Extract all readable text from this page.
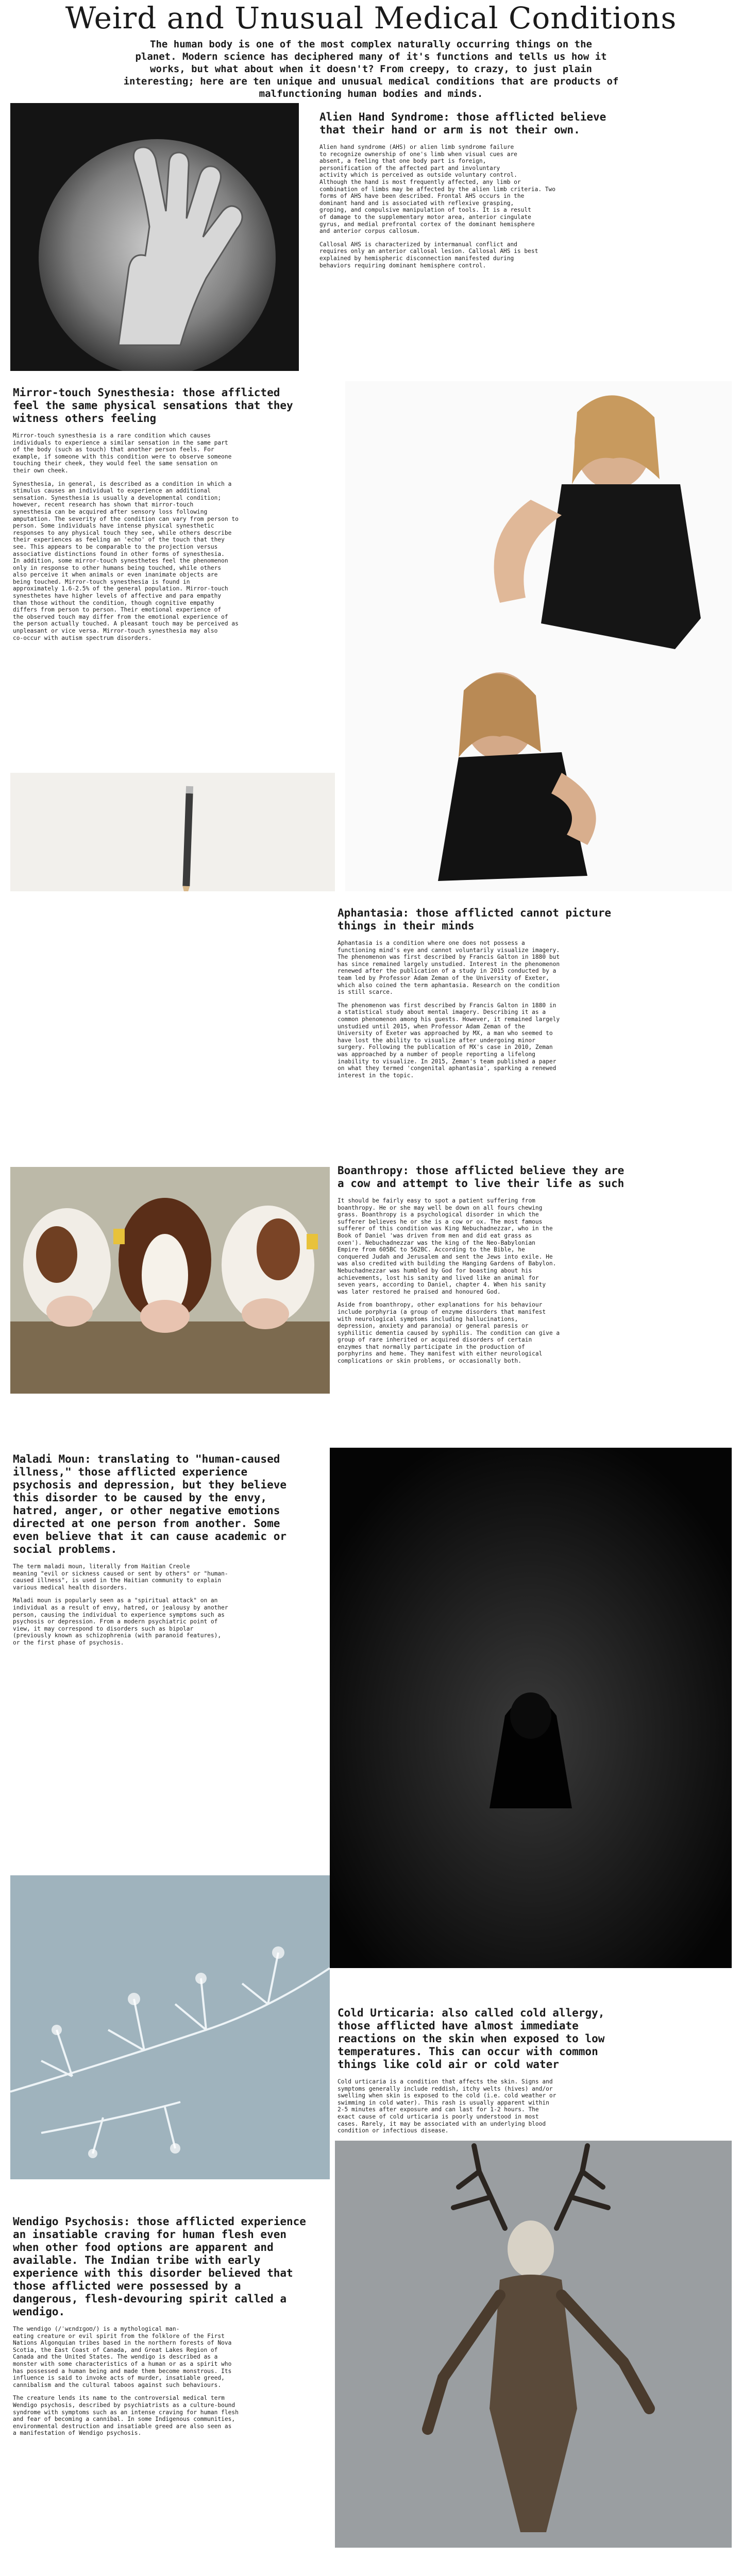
Weird and Unusual Medical Conditions

The human body is one of the most complex naturally occurring things on the
planet. Modern science has deciphered many of it's functions and tells us how it
works, but what about when it doesn't? From creepy, to crazy, to just plain
interesting; here are ten unique and unusual medical conditions that are products of
malfunctioning human bodies and minds.

Alien Hand Syndrome: those afflicted believe
that their hand or arm is not their own.

Alien hand syndrome (AHS) or alien limb syndrome failure
to recognize ownership of one's limb when visual cues are
absent, a feeling that one body part is foreign,
personification of the affected part and involuntary
activity which is perceived as outside voluntary control.
Although the hand is most frequently affected, any limb or
combination of limbs may be affected by the alien limb criteria. Two
forms of AHS have been described. Frontal AHS occurs in the
dominant hand and is associated with reflexive grasping,
groping, and compulsive manipulation of tools. It is a result
of damage to the supplementary motor area, anterior cingulate
gyrus, and medial prefrontal cortex of the dominant hemisphere
and anterior corpus callosum.

Callosal AHS is characterized by intermanual conflict and
requires only an anterior callosal lesion. Callosal AHS is best
explained by hemispheric disconnection manifested during
behaviors requiring dominant hemisphere control.

Mirror-touch Synesthesia: those afflicted
feel the same physical sensations that they
witness others feeling

Mirror-touch synesthesia is a rare condition which causes
individuals to experience a similar sensation in the same part
of the body (such as touch) that another person feels. For
example, if someone with this condition were to observe someone
touching their cheek, they would feel the same sensation on
their own cheek.

Synesthesia, in general, is described as a condition in which a
stimulus causes an individual to experience an additional
sensation. Synesthesia is usually a developmental condition;
however, recent research has shown that mirror-touch
synesthesia can be acquired after sensory loss following
amputation. The severity of the condition can vary from person to
person. Some individuals have intense physical synesthetic
responses to any physical touch they see, while others describe
their experiences as feeling an 'echo' of the touch that they
see. This appears to be comparable to the projection versus
associative distinctions found in other forms of synesthesia.
In addition, some mirror-touch synesthetes feel the phenomenon
only in response to other humans being touched, while others
also perceive it when animals or even inanimate objects are
being touched. Mirror-touch synesthesia is found in
approximately 1.6-2.5% of the general population. Mirror-touch
synesthetes have higher levels of affective and para empathy
than those without the condition, though cognitive empathy
differs from person to person. Their emotional experience of
the observed touch may differ from the emotional experience of
the person actually touched. A pleasant touch may be perceived as
unpleasant or vice versa. Mirror-touch synesthesia may also
co-occur with autism spectrum disorders.

Aphantasia: those afflicted cannot picture
things in their minds

Aphantasia is a condition where one does not possess a
functioning mind's eye and cannot voluntarily visualize imagery.
The phenomenon was first described by Francis Galton in 1880 but
has since remained largely unstudied. Interest in the phenomenon
renewed after the publication of a study in 2015 conducted by a
team led by Professor Adam Zeman of the University of Exeter,
which also coined the term aphantasia. Research on the condition
is still scarce.

The phenomenon was first described by Francis Galton in 1880 in
a statistical study about mental imagery. Describing it as a
common phenomenon among his guests. However, it remained largely
unstudied until 2015, when Professor Adam Zeman of the
University of Exeter was approached by MX, a man who seemed to
have lost the ability to visualize after undergoing minor
surgery. Following the publication of MX's case in 2010, Zeman
was approached by a number of people reporting a lifelong
inability to visualize. In 2015, Zeman's team published a paper
on what they termed 'congenital aphantasia', sparking a renewed
interest in the topic.

Boanthropy: those afflicted believe they are
a cow and attempt to live their life as such

It should be fairly easy to spot a patient suffering from
boanthropy. He or she may well be down on all fours chewing
grass. Boanthropy is a psychological disorder in which the
sufferer believes he or she is a cow or ox. The most famous
sufferer of this condition was King Nebuchadnezzar, who in the
Book of Daniel 'was driven from men and did eat grass as
oxen'). Nebuchadnezzar was the king of the Neo-Babylonian
Empire from 605BC to 562BC. According to the Bible, he
conquered Judah and Jerusalem and sent the Jews into exile. He
was also credited with building the Hanging Gardens of Babylon.
Nebuchadnezzar was humbled by God for boasting about his
achievements, lost his sanity and lived like an animal for
seven years, according to Daniel, chapter 4. When his sanity
was later restored he praised and honoured God.

Aside from boanthropy, other explanations for his behaviour
include porphyria (a group of enzyme disorders that manifest
with neurological symptoms including hallucinations,
depression, anxiety and paranoia) or general paresis or
syphilitic dementia caused by syphilis. The condition can give a
group of rare inherited or acquired disorders of certain
enzymes that normally participate in the production of
porphyrins and heme. They manifest with either neurological
complications or skin problems, or occasionally both.

Maladi Moun: translating to "human-caused
illness," those afflicted experience
psychosis and depression, but they believe
this disorder to be caused by the envy,
hatred, anger, or other negative emotions
directed at one person from another. Some
even believe that it can cause academic or
social problems.

The term maladi moun, literally from Haitian Creole
meaning "evil or sickness caused or sent by others" or "human-
caused illness", is used in the Haitian community to explain
various medical health disorders.

Maladi moun is popularly seen as a "spiritual attack" on an
individual as a result of envy, hatred, or jealousy by another
person, causing the individual to experience symptoms such as
psychosis or depression. From a modern psychiatric point of
view, it may correspond to disorders such as bipolar
(previously known as schizophrenia (with paranoid features),
or the first phase of psychosis.

Cold Urticaria: also called cold allergy,
those afflicted have almost immediate
reactions on the skin when exposed to low
temperatures. This can occur with common
things like cold air or cold water

Cold urticaria is a condition that affects the skin. Signs and
symptoms generally include reddish, itchy welts (hives) and/or
swelling when skin is exposed to the cold (i.e. cold weather or
swimming in cold water). This rash is usually apparent within
2-5 minutes after exposure and can last for 1-2 hours. The
exact cause of cold urticaria is poorly understood in most
cases. Rarely, it may be associated with an underlying blood
condition or infectious disease.

Wendigo Psychosis: those afflicted experience
an insatiable craving for human flesh even
when other food options are apparent and
available. The Indian tribe with early
experience with this disorder believed that
those afflicted were possessed by a
dangerous, flesh-devouring spirit called a
wendigo.

The wendigo (/ˈwɛndɪɡoʊ/) is a mythological man-
eating creature or evil spirit from the folklore of the First
Nations Algonquian tribes based in the northern forests of Nova
Scotia, the East Coast of Canada, and Great Lakes Region of
Canada and the United States. The wendigo is described as a
monster with some characteristics of a human or as a spirit who
has possessed a human being and made them become monstrous. Its
influence is said to invoke acts of murder, insatiable greed,
cannibalism and the cultural taboos against such behaviours.

The creature lends its name to the controversial medical term
Wendigo psychosis, described by psychiatrists as a culture-bound
syndrome with symptoms such as an intense craving for human flesh
and fear of becoming a cannibal. In some Indigenous communities,
environmental destruction and insatiable greed are also seen as
a manifestation of Wendigo psychosis.
